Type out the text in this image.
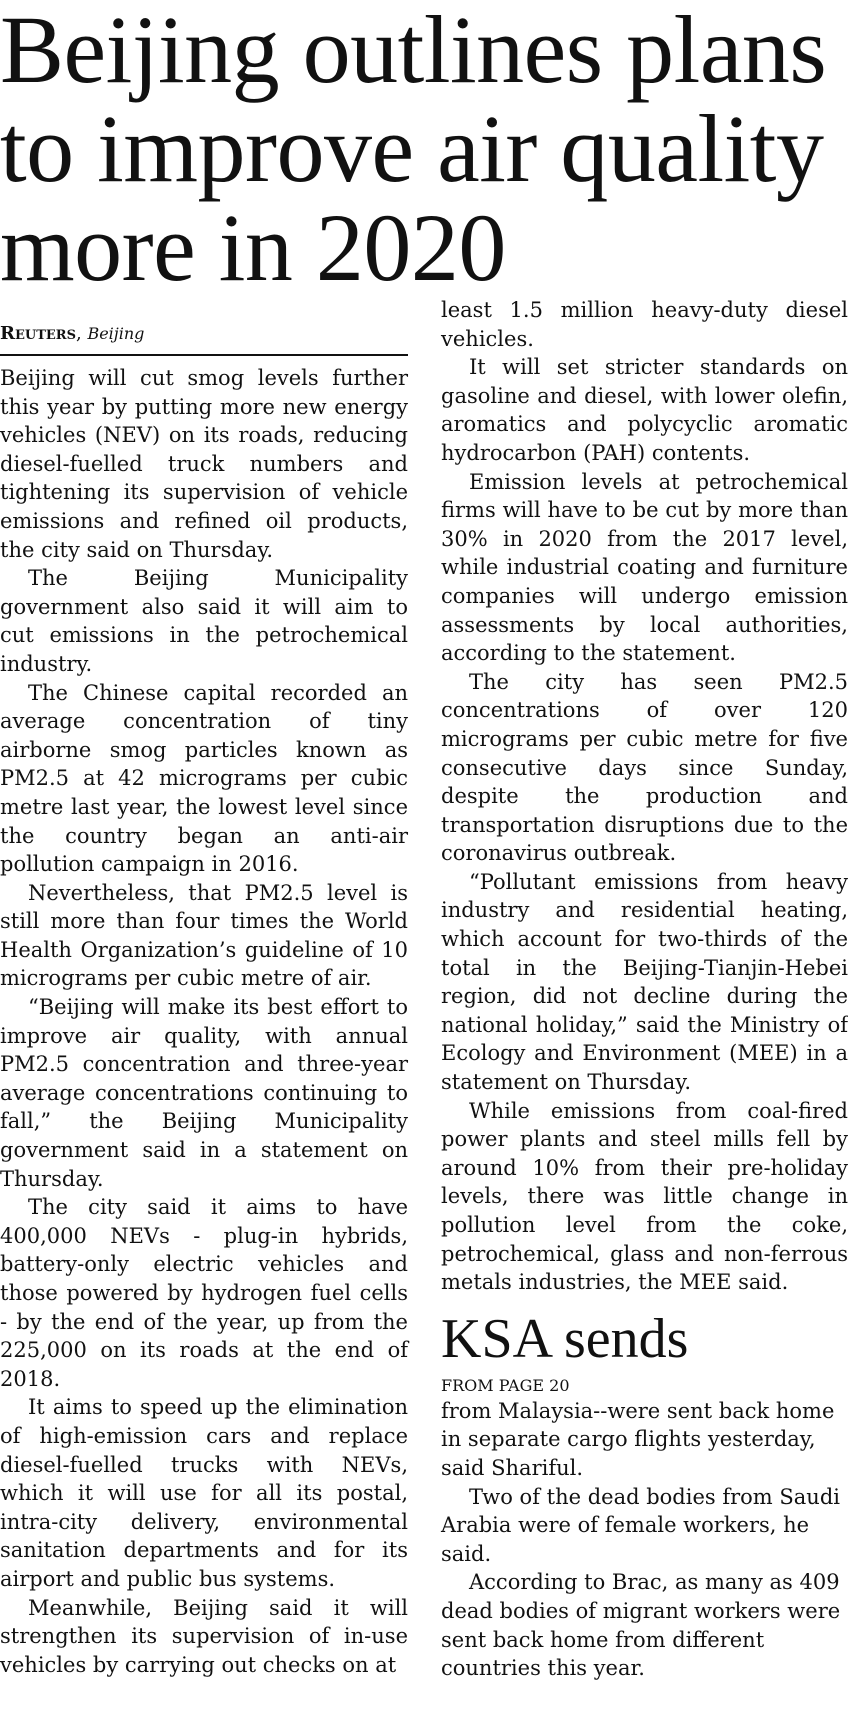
Beijing outlines plans to improve air quality more in 2020
Reuters, Beijing

Beijing will cut smog levels further this year by putting more new energy vehicles (NEV) on its roads, reducing diesel-fuelled truck numbers and tightening its supervision of vehicle emissions and refined oil products, the city said on Thursday.

The Beijing Municipality government also said it will aim to cut emissions in the petrochemical industry.

The Chinese capital recorded an average concentration of tiny airborne smog particles known as PM2.5 at 42 micrograms per cubic metre last year, the lowest level since the country began an anti-air pollution campaign in 2016.

Nevertheless, that PM2.5 level is still more than four times the World Health Organization’s guideline of 10 micrograms per cubic metre of air.

“Beijing will make its best effort to improve air quality, with annual PM2.5 concentration and three-year average concentrations continuing to fall,” the Beijing Municipality government said in a statement on Thursday.

The city said it aims to have 400,000 NEVs - plug-in hybrids, battery-only electric vehicles and those powered by hydrogen fuel cells - by the end of the year, up from the 225,000 on its roads at the end of 2018.

It aims to speed up the elimination of high-emission cars and replace diesel-fuelled trucks with NEVs, which it will use for all its postal, intra-city delivery, environmental sanitation departments and for its airport and public bus systems.

Meanwhile, Beijing said it will strengthen its supervision of in-use vehicles by carrying out checks on at

least 1.5 million heavy-duty diesel vehicles.

It will set stricter standards on gasoline and diesel, with lower olefin, aromatics and polycyclic aromatic hydrocarbon (PAH) contents.

Emission levels at petrochemical firms will have to be cut by more than 30% in 2020 from the 2017 level, while industrial coating and furniture companies will undergo emission assessments by local authorities, according to the statement.

The city has seen PM2.5 concentrations of over 120 micrograms per cubic metre for five consecutive days since Sunday, despite the production and transportation disruptions due to the coronavirus outbreak.

“Pollutant emissions from heavy industry and residential heating, which account for two-thirds of the total in the Beijing-Tianjin-Hebei region, did not decline during the national holiday,” said the Ministry of Ecology and Environment (MEE) in a statement on Thursday.

While emissions from coal-fired power plants and steel mills fell by around 10% from their pre-holiday levels, there was little change in pollution level from the coke, petrochemical, glass and non-ferrous metals industries, the MEE said.

KSA sends
FROM PAGE 20

from Malaysia--were sent back home in separate cargo flights yesterday, said Shariful.

Two of the dead bodies from Saudi Arabia were of female workers, he said.

According to Brac, as many as 409 dead bodies of migrant workers were sent back home from different countries this year.
